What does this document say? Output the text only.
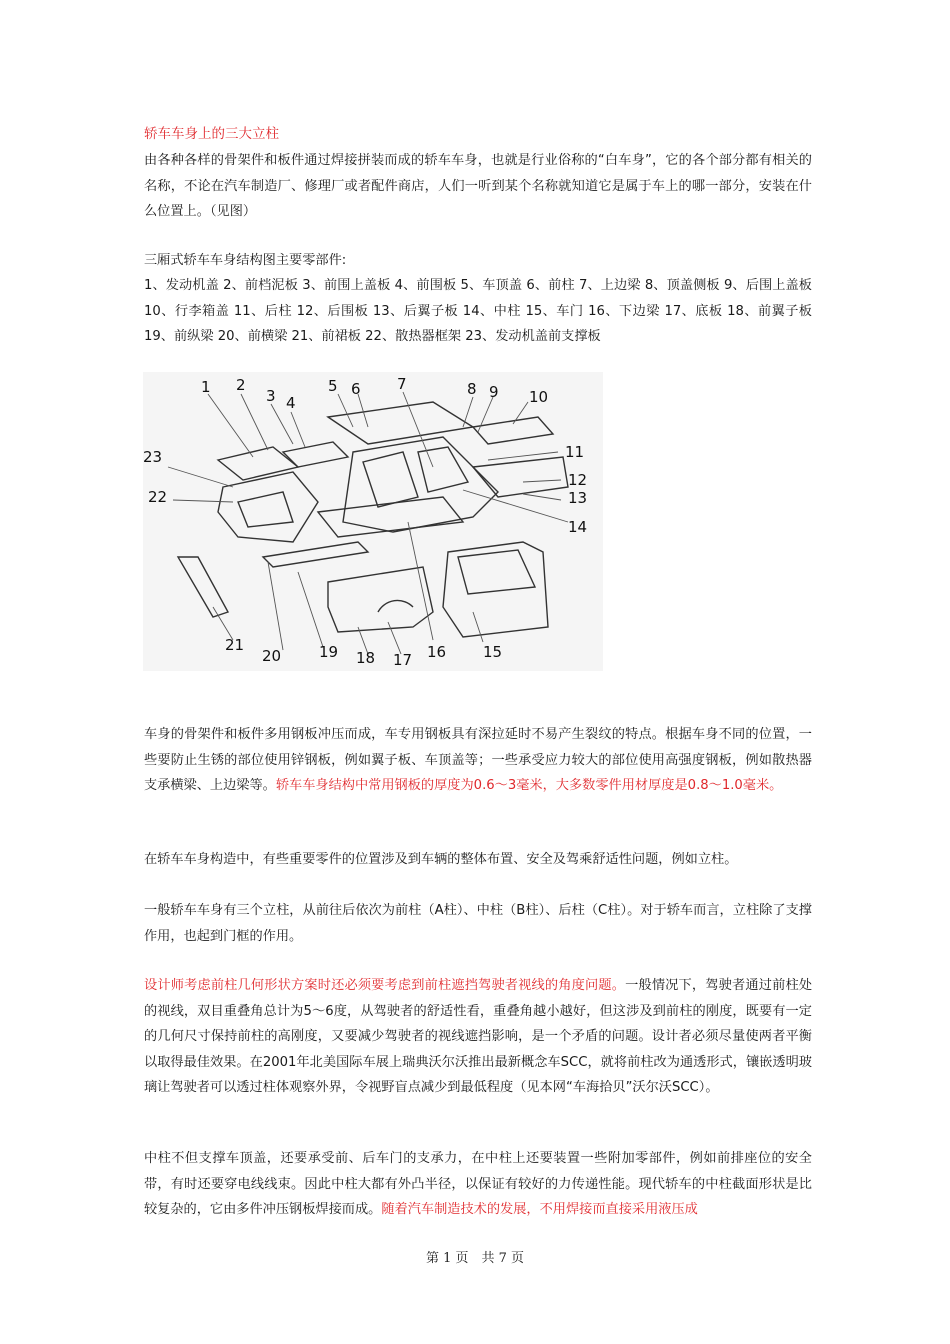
轿车车身上的三大立柱
由各种各样的骨架件和板件通过焊接拼装而成的轿车车身，也就是行业俗称的“白车身”，它的各个部分都有相关的名称，不论在汽车制造厂、修理厂或者配件商店，人们一听到某个名称就知道它是属于车上的哪一部分，安装在什么位置上。（见图）
三厢式轿车车身结构图主要零部件:
1、发动机盖 2、前档泥板 3、前围上盖板 4、前围板 5、车顶盖 6、前柱 7、上边梁 8、顶盖侧板 9、后围上盖板 10、行李箱盖 11、后柱 12、后围板 13、后翼子板 14、中柱 15、车门 16、下边梁 17、底板 18、前翼子板 19、前纵梁 20、前横梁 21、前裙板 22、散热器框架 23、发动机盖前支撑板
1 2
3 4
5 6 7	8 9 10
11
12
13
14
15
16
17
18
19
20
21
22
23
车身的骨架件和板件多用钢板冲压而成，车专用钢板具有深拉延时不易产生裂纹的特点。根据车身不同的位置，一些要防止生锈的部位使用锌钢板，例如翼子板、车顶盖等；一些承受应力较大的部位使用高强度钢板，例如散热器支承横梁、上边梁等。轿车车身结构中常用钢板的厚度为0.6～3毫米，大多数零件用材厚度是0.8～1.0毫米。
在轿车车身构造中，有些重要零件的位置涉及到车辆的整体布置、安全及驾乘舒适性问题，例如立柱。
一般轿车车身有三个立柱，从前往后依次为前柱（A柱）、中柱（B柱）、后柱（C柱）。对于轿车而言，立柱除了支撑作用，也起到门框的作用。
设计师考虑前柱几何形状方案时还必须要考虑到前柱遮挡驾驶者视线的角度问题。一般情况下，驾驶者通过前柱处的视线，双目重叠角总计为5～6度，从驾驶者的舒适性看，重叠角越小越好，但这涉及到前柱的刚度，既要有一定的几何尺寸保持前柱的高刚度，又要减少驾驶者的视线遮挡影响，是一个矛盾的问题。设计者必须尽量使两者平衡以取得最佳效果。在2001年北美国际车展上瑞典沃尔沃推出最新概念车SCC，就将前柱改为通透形式，镶嵌透明玻璃让驾驶者可以透过柱体观察外界，令视野盲点减少到最低程度（见本网“车海拾贝”沃尔沃SCC）。
中柱不但支撑车顶盖，还要承受前、后车门的支承力，在中柱上还要装置一些附加零部件，例如前排座位的安全带，有时还要穿电线线束。因此中柱大都有外凸半径，以保证有较好的力传递性能。现代轿车的中柱截面形状是比较复杂的，它由多件冲压钢板焊接而成。随着汽车制造技术的发展，不用焊接而直接采用液压成
第 1 页　共 7 页
